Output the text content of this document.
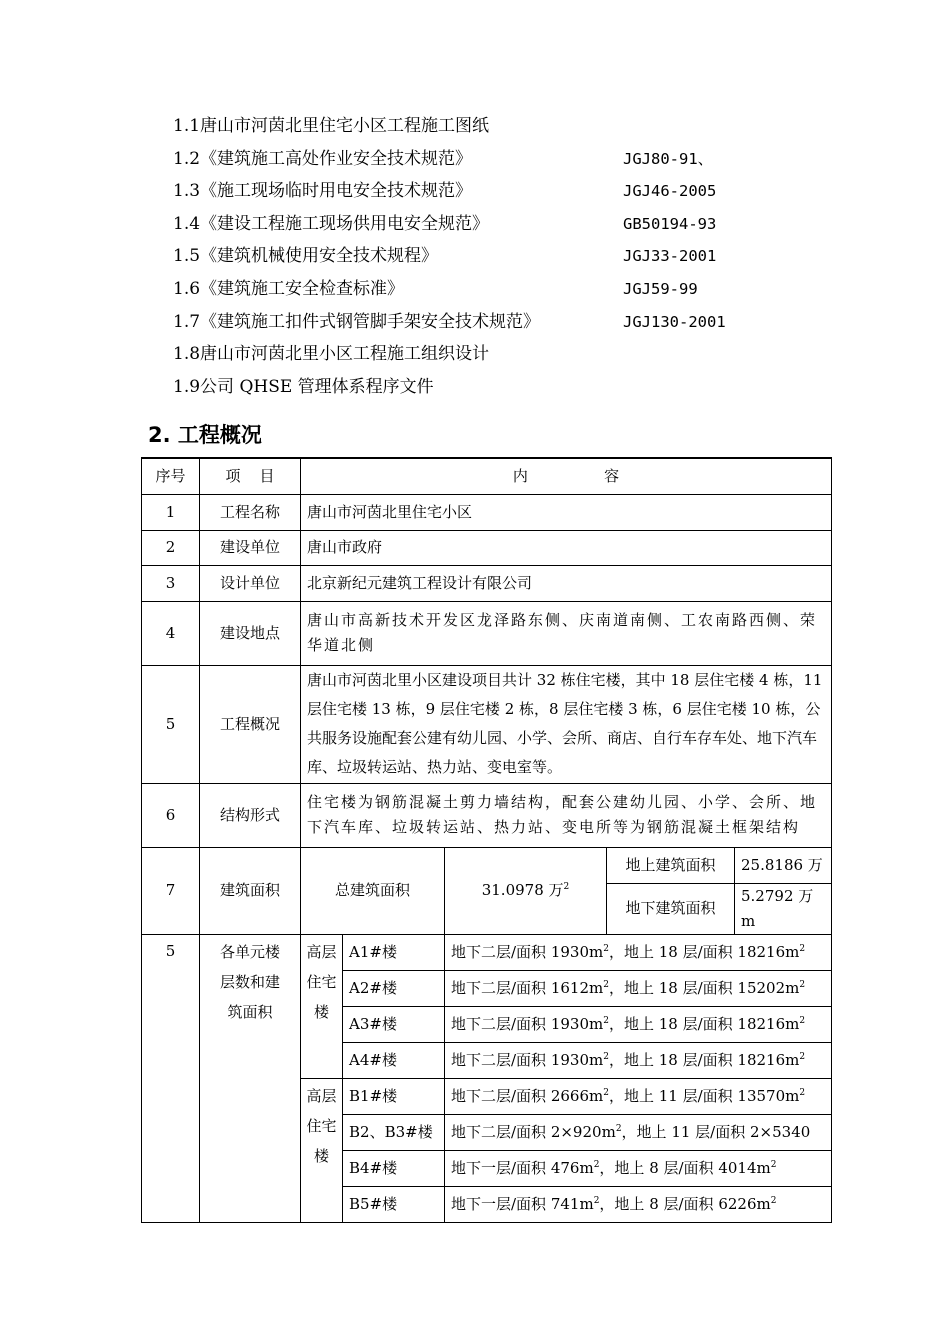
1.1唐山市河茵北里住宅小区工程施工图纸
1.2《建筑施工高处作业安全技术规范》	JGJ80-91、
1.3《施工现场临时用电安全技术规范》	JGJ46-2005
1.4《建设工程施工现场供用电安全规范》	GB50194-93
1.5《建筑机械使用安全技术规程》	JGJ33-2001
1.6《建筑施工安全检查标准》	JGJ59-99
1.7《建筑施工扣件式钢管脚手架安全技术规范》	JGJ130-2001
1.8唐山市河茵北里小区工程施工组织设计
1.9公司 QHSE 管理体系程序文件
2. 工程概况
序号	项    目	内                容				
1	工程名称	唐山市河茵北里住宅小区				
2	建设单位	唐山市政府				
3	设计单位	北京新纪元建筑工程设计有限公司				
4	建设地点	唐山市高新技术开发区龙泽路东侧、庆南道南侧、工农南路西侧、荣华道北侧				
5	工程概况	唐山市河茵北里小区建设项目共计 32 栋住宅楼，其中 18 层住宅楼 4 栋，11 层住宅楼 13 栋，9 层住宅楼 2 栋，8 层住宅楼 3 栋，6 层住宅楼 10 栋，公共服务设施配套公建有幼儿园、小学、会所、商店、自行车存车处、地下汽车库、垃圾转运站、热力站、变电室等。				
6	结构形式	住宅楼为钢筋混凝土剪力墙结构，配套公建幼儿园、小学、会所、地下汽车库、垃圾转运站、热力站、变电所等为钢筋混凝土框架结构				
7	建筑面积	总建筑面积		31.0978 万$^2$	地上建筑面积	25.8186 万
					地下建筑面积	5.2792 万 m
5	各单元楼层数和建筑面积	高层住宅楼	A1#楼	地下二层/面积 $1930m^2$，地上 18 层/面积 $18216m^2$
			A2#楼	地下二层/面积 $1612m^2$，地上 18 层/面积 $15202m^2$
			A3#楼	地下二层/面积 $1930m^2$，地上 18 层/面积 $18216m^2$
			A4#楼	地下二层/面积 $1930m^2$，地上 18 层/面积 $18216m^2$
		高层住宅楼	B1#楼	地下二层/面积 $2666m^2$，地上 11 层/面积 $13570m^2$
			B2、B3#楼	地下二层/面积 $2\times 920m^2$，地上 11 层/面积 2×5340		
			B4#楼	地下一层/面积 $476m^2$，地上 8 层/面积 $4014m^2$
			B5#楼	地下一层/面积 $741m^2$，地上 8 层/面积 $6226m^2$
